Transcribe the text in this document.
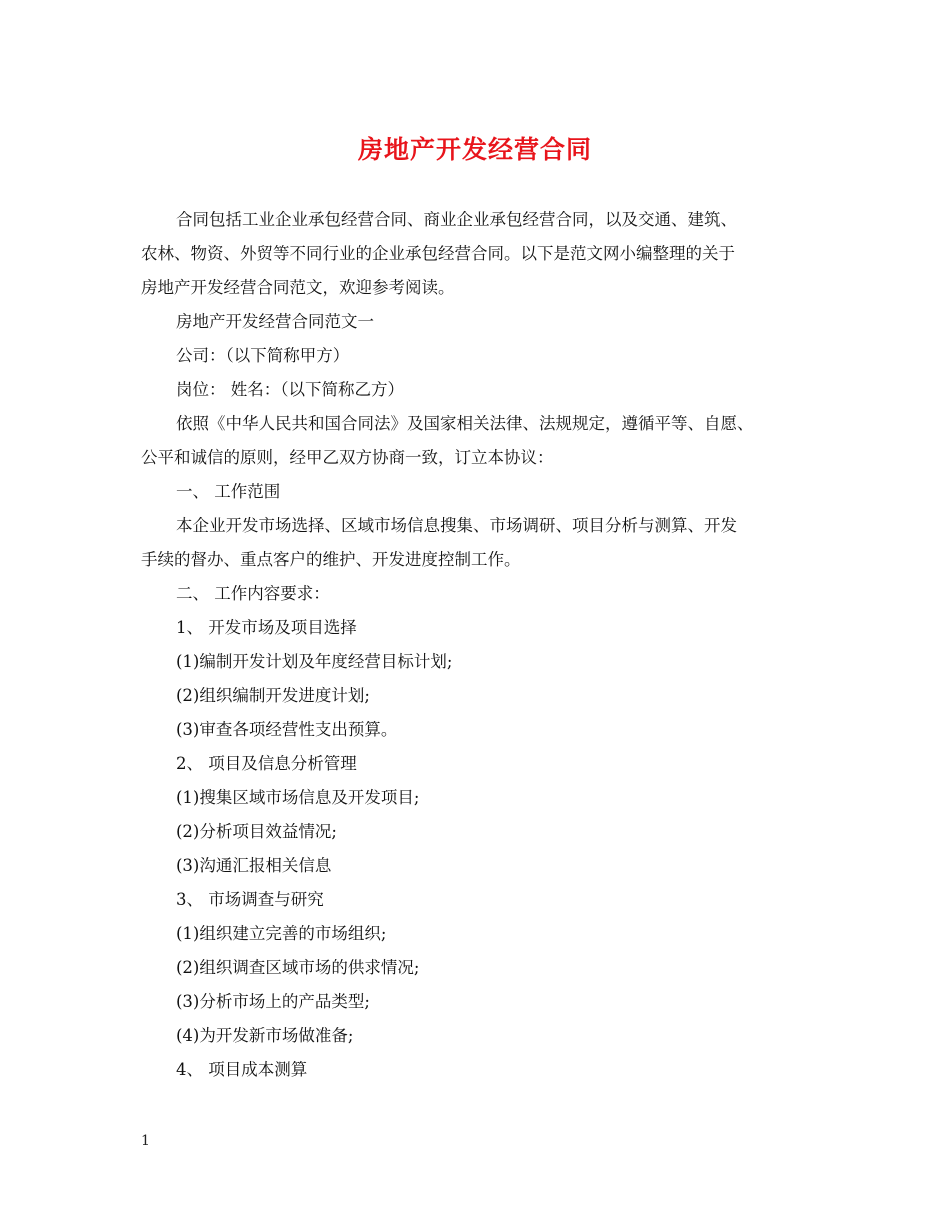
房地产开发经营合同

合同包括工业企业承包经营合同、商业企业承包经营合同，以及交通、建筑、

农林、物资、外贸等不同行业的企业承包经营合同。以下是范文网小编整理的关于

房地产开发经营合同范文，欢迎参考阅读。

房地产开发经营合同范文一

公司：（以下简称甲方）

岗位： 姓名：（以下简称乙方）

依照《中华人民共和国合同法》及国家相关法律、法规规定，遵循平等、自愿、

公平和诚信的原则，经甲乙双方协商一致，订立本协议：

一、 工作范围

本企业开发市场选择、区域市场信息搜集、市场调研、项目分析与测算、开发

手续的督办、重点客户的维护、开发进度控制工作。

二、 工作内容要求：

1、 开发市场及项目选择

(1)编制开发计划及年度经营目标计划;

(2)组织编制开发进度计划;

(3)审查各项经营性支出预算。

2、 项目及信息分析管理

(1)搜集区域市场信息及开发项目;

(2)分析项目效益情况;

(3)沟通汇报相关信息

3、 市场调查与研究

(1)组织建立完善的市场组织;

(2)组织调查区域市场的供求情况;

(3)分析市场上的产品类型;

(4)为开发新市场做准备;

4、 项目成本测算

1
